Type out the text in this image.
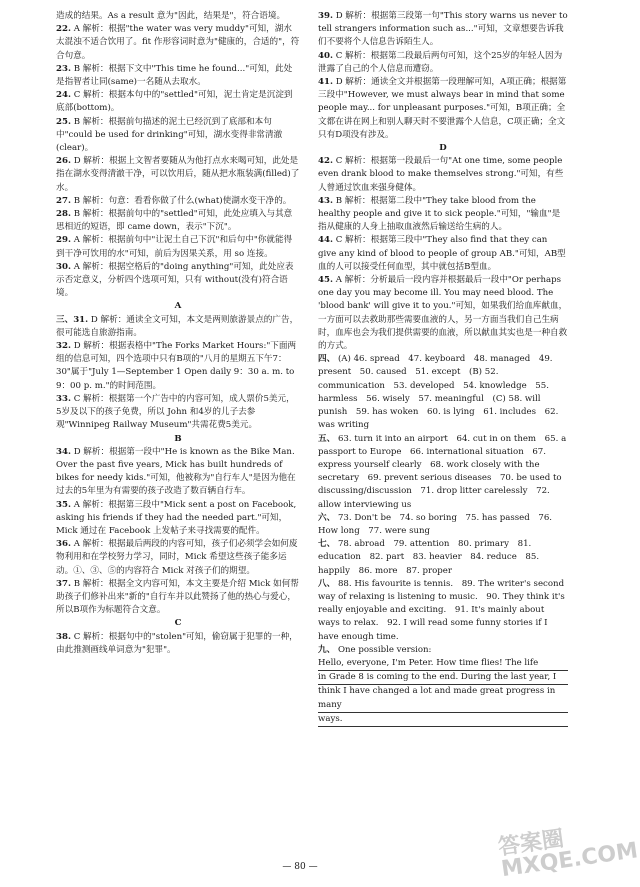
造成的结果。As a result 意为"因此，结果是"，符合语境。

22. A 解析：根据"the water was very muddy"可知，湖水太混浊不适合饮用了。fit 作形容词时意为"健康的，合适的"，符合句意。

23. B 解析：根据下文中"This time he found..."可知，此处是指智者让同(same)一名随从去取水。

24. C 解析：根据本句中的"settled"可知，泥土肯定是沉淀到底部(bottom)。

25. B 解析：根据前句描述的泥土已经沉到了底部和本句中"could be used for drinking"可知，湖水变得非常清澈(clear)。

26. D 解析：根据上文智者要随从为他打点水来喝可知，此处是指在湖水变得清澈干净，可以饮用后，随从把水瓶装满(filled)了水。

27. B 解析：句意：看看你做了什么(what)使湖水变干净的。

28. B 解析：根据前句中的"settled"可知，此处应填入与其意思相近的短语，即 came down，表示"下沉"。

29. A 解析：根据前句中"让泥土自己下沉"和后句中"你就能得到干净可饮用的水"可知，前后为因果关系，用 so 连接。

30. A 解析：根据空格后的"doing anything"可知，此处应表示否定意义，分析四个选项可知，只有 without(没有)符合语境。

A

三、31. D 解析：通读全文可知，本文是两则旅游景点的广告，很可能选自旅游指南。

32. D 解析：根据表格中"The Forks Market Hours:"下面两组的信息可知，四个选项中只有B项的"八月的星期五下午7：30"属于"July 1—September 1 Open daily 9：30 a. m. to 9：00 p. m."的时间范围。

33. C 解析：根据第一个广告中的内容可知，成人票价5美元，5岁及以下的孩子免费，所以 John 和4岁的儿子去参观"Winnipeg Railway Museum"共需花费5美元。

B

34. D 解析：根据第一段中"He is known as the Bike Man. Over the past five years, Mick has built hundreds of bikes for needy kids."可知，他被称为"自行车人"是因为他在过去的5年里为有需要的孩子改造了数百辆自行车。

35. A 解析：根据第三段中"Mick sent a post on Facebook, asking his friends if they had the needed part."可知，Mick 通过在 Facebook 上发帖子来寻找需要的配件。

36. A 解析：根据最后两段的内容可知，孩子们必须学会如何废物利用和在学校努力学习，同时，Mick 希望这些孩子能多运动。①、③、⑤的内容符合 Mick 对孩子们的期望。

37. B 解析：根据全文内容可知，本文主要是介绍 Mick 如何帮助孩子们修补出来"新的"自行车并以此赞扬了他的热心与爱心，所以B项作为标题符合文意。

C

38. C 解析：根据句中的"stolen"可知，偷窃属于犯罪的一种，由此推测画线单词意为"犯罪"。

39. D 解析：根据第三段第一句"This story warns us never to tell strangers information such as..."可知，文章想要告诉我们不要将个人信息告诉陌生人。

40. C 解析：根据第二段最后两句可知，这个25岁的年轻人因为泄露了自己的个人信息而遭窃。

41. D 解析：通读全文并根据第一段理解可知，A项正确；根据第三段中"However, we must always bear in mind that some people may... for unpleasant purposes."可知，B项正确；全文都在讲在网上和别人聊天时不要泄露个人信息，C项正确；全文只有D项没有涉及。

D

42. C 解析：根据第一段最后一句"At one time, some people even drank blood to make themselves strong."可知，有些人曾通过饮血来强身健体。

43. B 解析：根据第二段中"They take blood from the healthy people and give it to sick people."可知，"输血"是指从健康的人身上抽取血液然后输送给生病的人。

44. C 解析：根据第三段中"They also find that they can give any kind of blood to people of group AB."可知，AB型血的人可以接受任何血型，其中就包括B型血。

45. A 解析：分析最后一段内容并根据最后一段中"Or perhaps one day you may become ill. You may need blood. The 'blood bank' will give it to you."可知，如果我们给血库献血，一方面可以去救助那些需要血液的人，另一方面当我们自己生病时，血库也会为我们提供需要的血液，所以献血其实也是一种自救的方式。

四、 (A) 46. spread　47. keyboard　48. managed　49. present　50. caused　51. except　(B) 52. communication　53. developed　54. knowledge　55. harmless　56. wisely　57. meaningful　(C) 58. will punish　59. has woken　60. is lying　61. includes　62. was writing

五、 63. turn it into an airport　64. cut in on them　65. a passport to Europe　66. international situation　67. express yourself clearly　68. work closely with the secretary　69. prevent serious diseases　70. be used to discussing/discussion　71. drop litter carelessly　72. allow interviewing us

六、 73. Don't be　74. so boring　75. has passed　76. How long　77. were sung

七、 78. abroad　79. attention　80. primary　81. education　82. part　83. heavier　84. reduce　85. happily　86. more　87. proper

八、 88. His favourite is tennis.　89. The writer's second way of relaxing is listening to music.　90. They think it's really enjoyable and exciting.　91. It's mainly about ways to relax.　92. I will read some funny stories if I have enough time.

九、 One possible version:

Hello, everyone, I'm Peter. How time flies! The life

in Grade 8 is coming to the end. During the last year, I

think I have changed a lot and made great progress in many

ways.

— 80 —
答案圈 MXQE.COM
